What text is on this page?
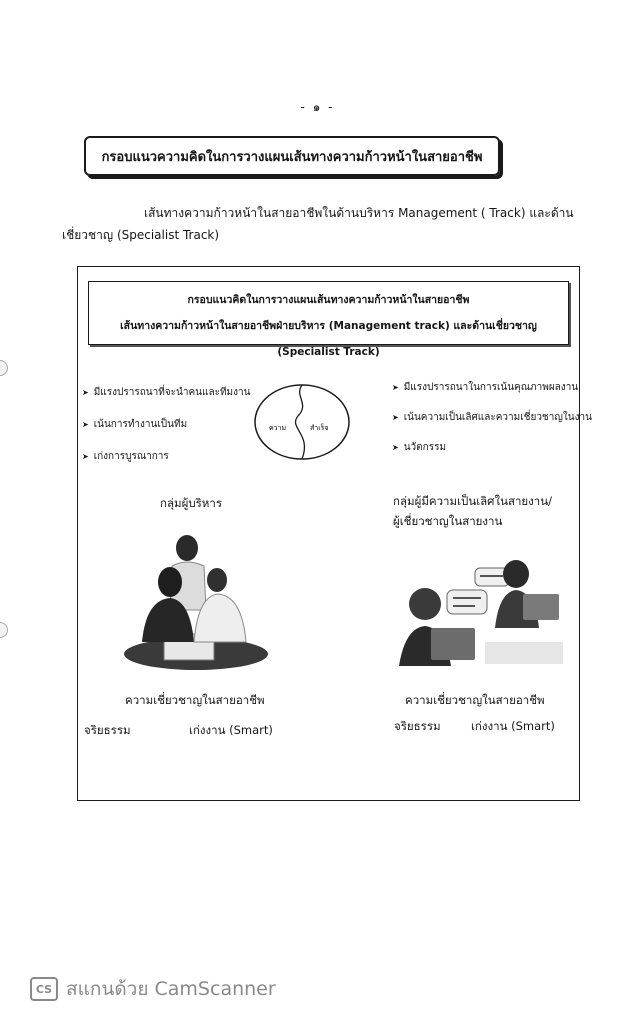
- ๑ -
กรอบแนวความคิดในการวางแผนเส้นทางความก้าวหน้าในสายอาชีพ
เส้นทางความก้าวหน้าในสายอาชีพในด้านบริหาร Management ( Track) และด้าน
เชี่ยวชาญ (Specialist Track)
กรอบแนวคิดในการวางแผนเส้นทางความก้าวหน้าในสายอาชีพ
เส้นทางความก้าวหน้าในสายอาชีพฝ่ายบริหาร (Management track) และด้านเชี่ยวชาญ (Specialist Track)
➤ มีแรงปรารถนาที่จะนำคนและทีมงาน
➤ เน้นการทำงานเป็นทีม
➤ เก่งการบูรณาการ
➤ มีแรงปรารถนาในการเน้นคุณภาพผลงาน
➤ เน้นความเป็นเลิศและความเชี่ยวชาญในงาน
➤ นวัตกรรม
ความ	สำเร็จ
กลุ่มผู้บริหาร
ความเชี่ยวชาญในสายอาชีพ
จริยธรรม	เก่งงาน (Smart)
กลุ่มผู้มีความเป็นเลิศในสายงาน/
ผู้เชี่ยวชาญในสายงาน
ความเชี่ยวชาญในสายอาชีพ
จริยธรรม	เก่งงาน (Smart)
CS สแกนด้วย CamScanner
